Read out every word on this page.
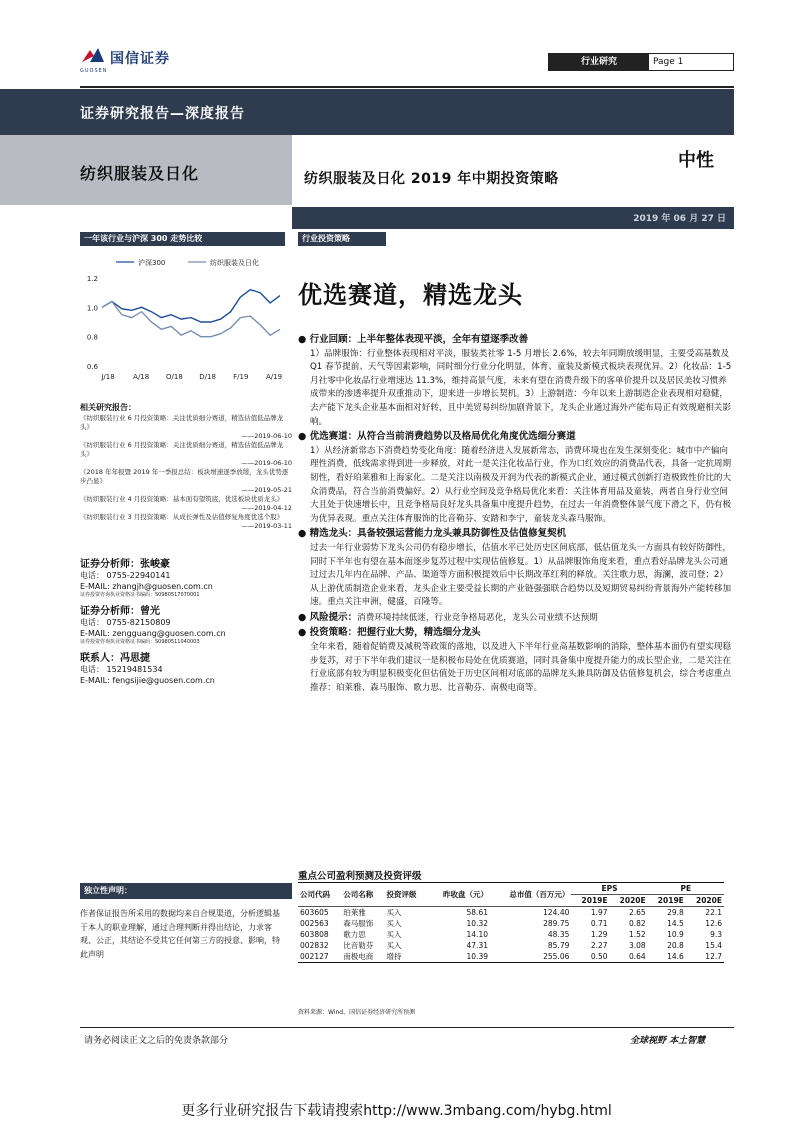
国信证券
GUOSEN
行业研究	Page 1
证券研究报告—深度报告
纺织服装及日化	纺织服装及日化 2019 年中期投资策略
中性
2019 年 06 月 27 日
一年该行业与沪深 300 走势比较	行业投资策略
沪深300	纺织服装及日化
0.6
0.8
1.0
1.2
J/18	A/18 O/18 D/18 F/19	A/19
优选赛道，精选龙头
相关研究报告：
《纺织服装行业 6 月投资策略：关注优质细分赛道，精选估值低品牌龙头》
——2019-06-10
《纺织服装行业 6 月投资策略：关注优质细分赛道，精选估值低品牌龙头》
——2019-06-10
《2018 年年报暨 2019 年一季报总结：板块增速逐季放缓，龙头优势逐步凸显》
——2019-05-21
《纺织服装行业 4 月投资策略：基本面有望筑底，优选板块优质龙头》
——2019-04-12
《纺织服装行业 3 月投资策略：从成长弹性及估值修复角度优选个股》
——2019-03-11
证券分析师：张峻豪
电话： 0755-22940141
E-MAIL: zhangjh@guosen.com.cn
证券投资咨询执业资格证书编码：S0980517070001
证券分析师：曾光
电话： 0755-82150809
E-MAIL: zengguang@guosen.com.cn
证券投资咨询执业资格证书编码：S0980511040003
联系人：冯思捷
电话： 15219481534
E-MAIL: fengsijie@guosen.com.cn

● 行业回顾：上半年整体表现平淡，全年有望逐季改善

1）品牌服饰：行业整体表现相对平淡，服装类社零 1-5 月增长 2.6%，较去年同期放缓明显，主要受高基数及 Q1 春节提前、天气等因素影响，同时细分行业分化明显，体育、童装及新模式板块表现优异。2）化妆品：1-5 月社零中化妆品行业增速达 11.3%，维持高景气度，未来有望在消费升级下的客单价提升以及居民美妆习惯养成带来的渗透率提升双重推动下，迎来进一步增长契机。3）上游制造：今年以来上游制造企业表现相对稳健，去产能下龙头企业基本面相对好转，且中美贸易纠纷加剧背景下，龙头企业通过海外产能布局正有效规避相关影响。

● 优选赛道：从符合当前消费趋势以及格局优化角度优选细分赛道

1）从经济新常态下消费趋势变化角度：随着经济进入发展新常态，消费环境也在发生深刻变化：城市中产偏向理性消费，低线需求得到进一步释放，对此一是关注化妆品行业，作为口红效应的消费品代表，具备一定抗周期韧性，看好珀莱雅和上海家化。二是关注以南极及开润为代表的新模式企业，通过模式创新打造极致性价比的大众消费品，符合当前消费偏好。2）从行业空间及竞争格局优化来看：关注体育用品及童装，两者自身行业空间大且处于快速增长中，且竞争格局良好龙头具备集中度提升趋势，在过去一年消费整体景气度下滑之下，仍有极为优异表现。重点关注体育服饰的比音勒芬、安踏和李宁，童装龙头森马服饰。

● 精选龙头：具备较强运营能力龙头兼具防御性及估值修复契机

过去一年行业弱势下龙头公司仍有稳步增长，估值水平已处历史区间底部，低估值龙头一方面具有较好防御性，同时下半年也有望在基本面逐步复苏过程中实现估值修复。1）从品牌服饰角度来看，重点看好品牌龙头公司通过过去几年内在品牌、产品、渠道等方面积极提效后中长期改革红利的释放。关注歌力思，海澜，波司登；2）从上游优质制造企业来看，龙头企业主要受益长期的产业链强强联合趋势以及短期贸易纠纷背景海外产能转移加速。重点关注申洲，健盛，百隆等。

● 风险提示：消费环境持续低迷，行业竞争格局恶化，龙头公司业绩不达预期

● 投资策略：把握行业大势，精选细分龙头

全年来看，随着促销费及减税等政策的落地，以及进入下半年行业高基数影响的消除，整体基本面仍有望实现稳步复苏，对于下半年我们建议一是积极布局处在优质赛道，同时具备集中度提升能力的成长型企业，二是关注在行业底部有较为明显积极变化但估值处于历史区间相对底部的品牌龙头兼具防御及估值修复机会，综合考虑重点推荐：珀莱雅、森马服饰、歌力思、比音勒芬、南极电商等。

独立性声明：
作者保证报告所采用的数据均来自合规渠道，分析逻辑基于本人的职业理解，通过合理判断并得出结论，力求客观、公正，其结论不受其它任何第三方的授意、影响，特此声明
重点公司盈利预测及投资评级
公司代码	公司名称	投资评级	昨收盘（元）	总市值（百万元）	EPS		PE	
					2019E	2020E	2019E	2020E
603605	珀莱雅	买入	58.61	124.40	1.97	2.65	29.8	22.1
002563	森马服饰	买入	10.32	289.75	0.71	0.82	14.5	12.6
603808	歌力思	买入	14.10	48.35	1.29	1.52	10.9	9.3
002832	比音勒芬	买入	47.31	85.79	2.27	3.08	20.8	15.4
002127	南极电商	增持	10.39	255.06	0.50	0.64	14.6	12.7
资料来源：Wind、国信证券经济研究所预测
请务必阅读正文之后的免责条款部分	全球视野 本土智慧
更多行业研究报告下载请搜索http://www.3mbang.com/hybg.html
